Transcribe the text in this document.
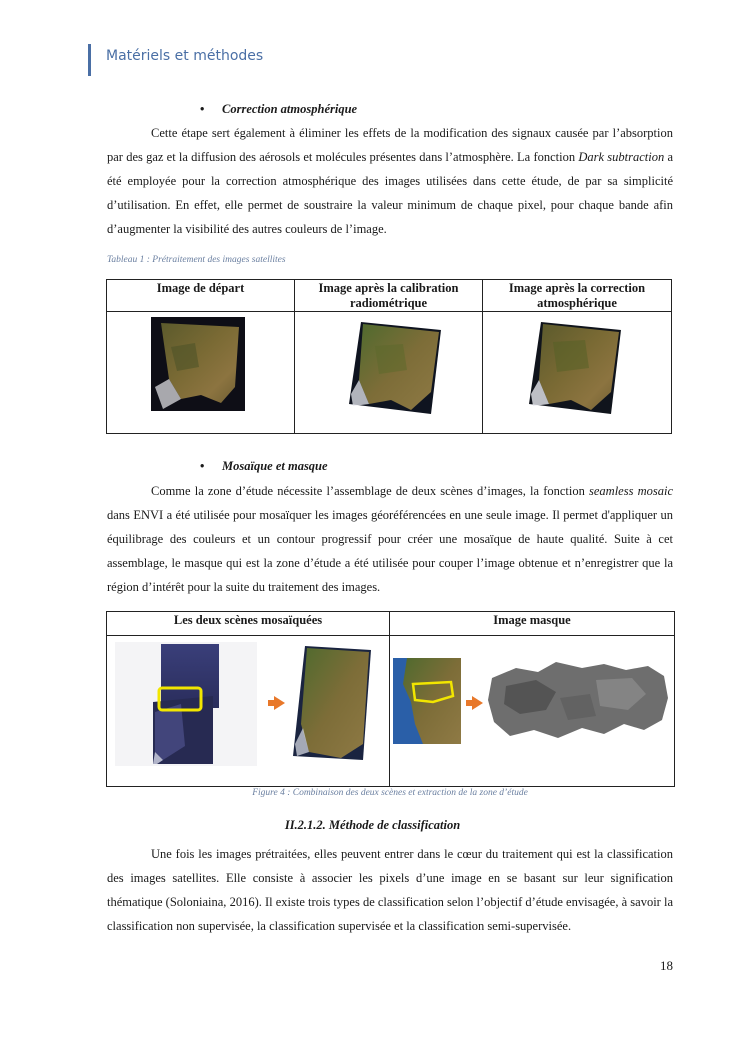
Matériels et méthodes
• Correction atmosphérique

Cette étape sert également à éliminer les effets de la modification des signaux causée par l’absorption par des gaz et la diffusion des aérosols et molécules présentes dans l’atmosphère. La fonction Dark subtraction a été employée pour la correction atmosphérique des images utilisées dans cette étude, de par sa simplicité d’utilisation. En effet, elle permet de soustraire la valeur minimum de chaque pixel, pour chaque bande afin d’augmenter la visibilité des autres couleurs de l’image.

Tableau 1 : Prétraitement des images satellites
Image de départ	Image après la calibration radiométrique	Image après la correction atmosphérique

• Mosaïque et masque

Comme la zone d’étude nécessite l’assemblage de deux scènes d’images, la fonction seamless mosaic dans ENVI a été utilisée pour mosaïquer les images géoréférencées en une seule image. Il permet d'appliquer un équilibrage des couleurs et un contour progressif pour créer une mosaïque de haute qualité. Suite à cet assemblage, le masque qui est la zone d’étude a été utilisée pour couper l’image obtenue et n’enregistrer que la région d’intérêt pour la suite du traitement des images.

Les deux scènes mosaïquées	Image masque

Figure 4 : Combinaison des deux scènes et extraction de la zone d’étude
II.2.1.2. Méthode de classification

Une fois les images prétraitées, elles peuvent entrer dans le cœur du traitement qui est la classification des images satellites. Elle consiste à associer les pixels d’une image en se basant sur leur signification thématique (Soloniaina, 2016). Il existe trois types de classification selon l’objectif d’étude envisagée, à savoir la classification non supervisée, la classification supervisée et la classification semi-supervisée.

18
